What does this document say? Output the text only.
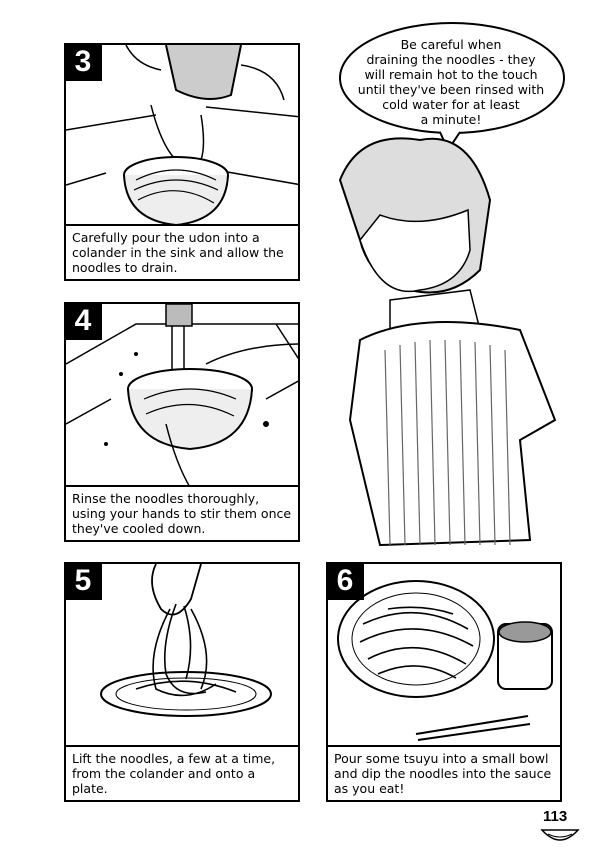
3
Carefully pour the udon into a
colander in the sink and allow the
noodles to drain.
4
Rinse the noodles thoroughly,
using your hands to stir them once
they've cooled down.
5
Lift the noodles, a few at a time,
from the colander and onto a
plate.
6
Pour some tsuyu into a small bowl
and dip the noodles into the sauce
as you eat!
Be careful when
draining the noodles - they
will remain hot to the touch
until they've been rinsed with
cold water for at least
a minute!
113
